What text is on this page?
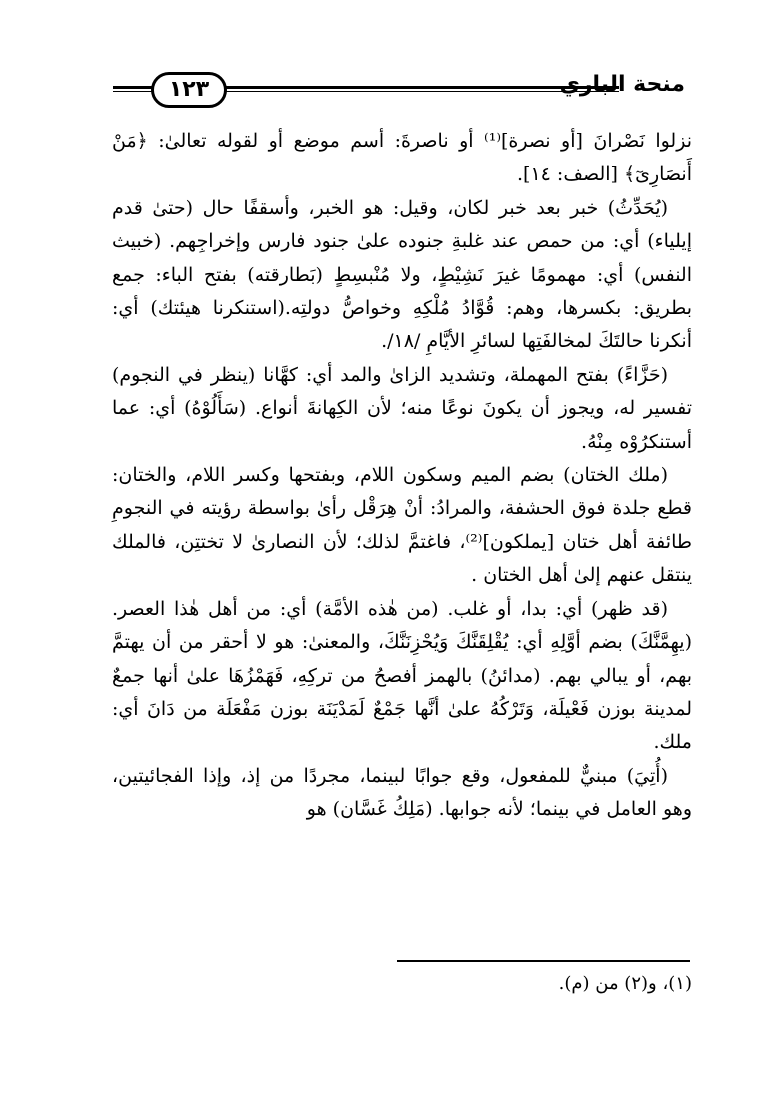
١٢٣	منحة الباري

نزلوا نَصْرانَ [أو نصرة]⁽¹⁾ أو ناصرةَ: أسم موضع أو لقوله تعالىٰ: ﴿مَنْ أَنصَارِىٓ﴾ [الصف: ١٤].

(يُحَدِّثُ) خبر بعد خبر لكان، وقيل: هو الخبر، وأسقفًا حال (حتىٰ قدم إيلياء) أي: من حمص عند غلبةِ جنوده علىٰ جنود فارس وإخراجِهم. (خبيث النفس) أي: مهمومًا غيرَ نَشِيْطٍ، ولا مُنْبسِطٍ (بَطارقته) بفتح الباء: جمع بطريق: بكسرها، وهم: قُوَّادُ مُلْكِهِ وخواصُّ دولتِه.(استنكرنا هيئتك) أي: أنكرنا حالتَكَ لمخالفَتِها لسائرِ الأيَّامِ /١٨/.

(حَزَّاءً) بفتح المهملة، وتشديد الزاىٰ والمد أي: كهَّانا (ينظر في النجوم) تفسير له، ويجوز أن يكونَ نوعًا منه؛ لأن الكِهانةَ أنواع. (سَأَلُوْهُ) أي: عما أستنكرُوْه مِنْهُ.

(ملك الختان) بضم الميم وسكون اللام، وبفتحها وكسر اللام، والختان: قطع جلدة فوق الحشفة، والمرادُ: أنْ هِرَقْل رأىٰ بواسطة رؤيته في النجومِ طائفة أهل ختان [يملكون]⁽²⁾، فاغتمَّ لذلك؛ لأن النصارىٰ لا تختتِن، فالملك ينتقل عنهم إلىٰ أهل الختان .

(قد ظهر) أي: بدا، أو غلب. (من هٰذه الأمَّة) أي: من أهل هٰذا العصر. (يهِمَّنَّكَ) بضم أوَّلِهِ أي: يُقْلِقَنَّكَ وَيُحْزِنَنَّكَ، والمعنىٰ: هو لا أحقر من أن يهتمَّ بهم، أو يبالي بهم. (مدائنُ) بالهمز أفصحُ من تركِهِ، فَهَمْزُهَا علىٰ أنها جمعٌ لمدينة بوزن فَعْيلَة، وَتَرْكُهُ علىٰ أنَّها جَمْعٌ لَمَدْيَنَة بوزن مَفْعَلَة من دَانَ أي: ملك.

(أُتِيَ) مبنيٌّ للمفعول، وقع جوابًا لبينما، مجردًا من إذ، وإذا الفجائيتين، وهو العامل في بينما؛ لأنه جوابها. (مَلِكُ غَسَّان) هو

(١)، و(٢) من (م).
